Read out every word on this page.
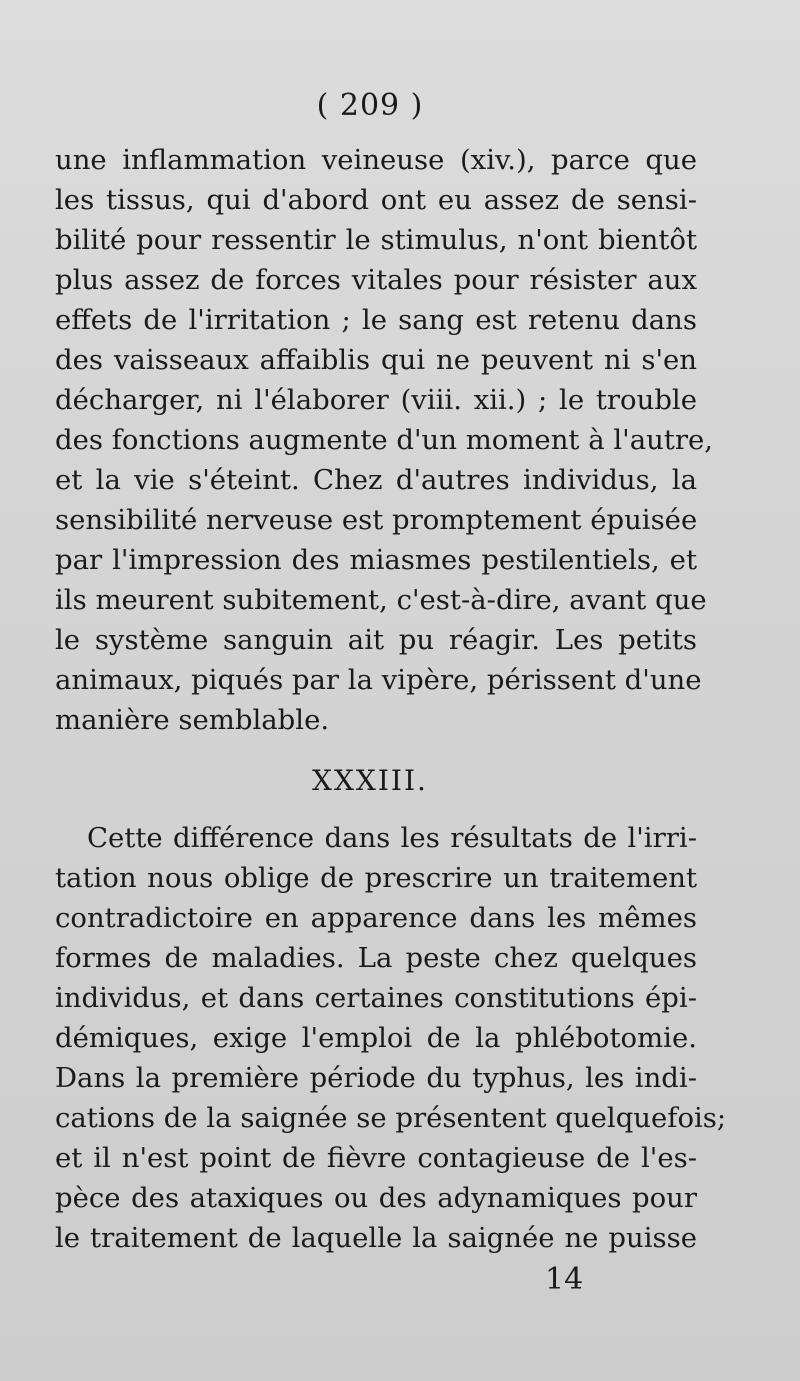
( 209 )
une inflammation veineuse (xiv.), parce que
les tissus, qui d'abord ont eu assez de sensi-
bilité pour ressentir le stimulus, n'ont bientôt
plus assez de forces vitales pour résister aux
effets de l'irritation ; le sang est retenu dans
des vaisseaux affaiblis qui ne peuvent ni s'en
décharger, ni l'élaborer (viii. xii.) ; le trouble
des fonctions augmente d'un moment à l'autre,
et la vie s'éteint. Chez d'autres individus, la
sensibilité nerveuse est promptement épuisée
par l'impression des miasmes pestilentiels, et
ils meurent subitement, c'est-à-dire, avant que
le système sanguin ait pu réagir. Les petits
animaux, piqués par la vipère, périssent d'une
manière semblable.
XXXIII.
Cette différence dans les résultats de l'irri-
tation nous oblige de prescrire un traitement
contradictoire en apparence dans les mêmes
formes de maladies. La peste chez quelques
individus, et dans certaines constitutions épi-
démiques, exige l'emploi de la phlébotomie.
Dans la première période du typhus, les indi-
cations de la saignée se présentent quelquefois;
et il n'est point de fièvre contagieuse de l'es-
pèce des ataxiques ou des adynamiques pour
le traitement de laquelle la saignée ne puisse
14
